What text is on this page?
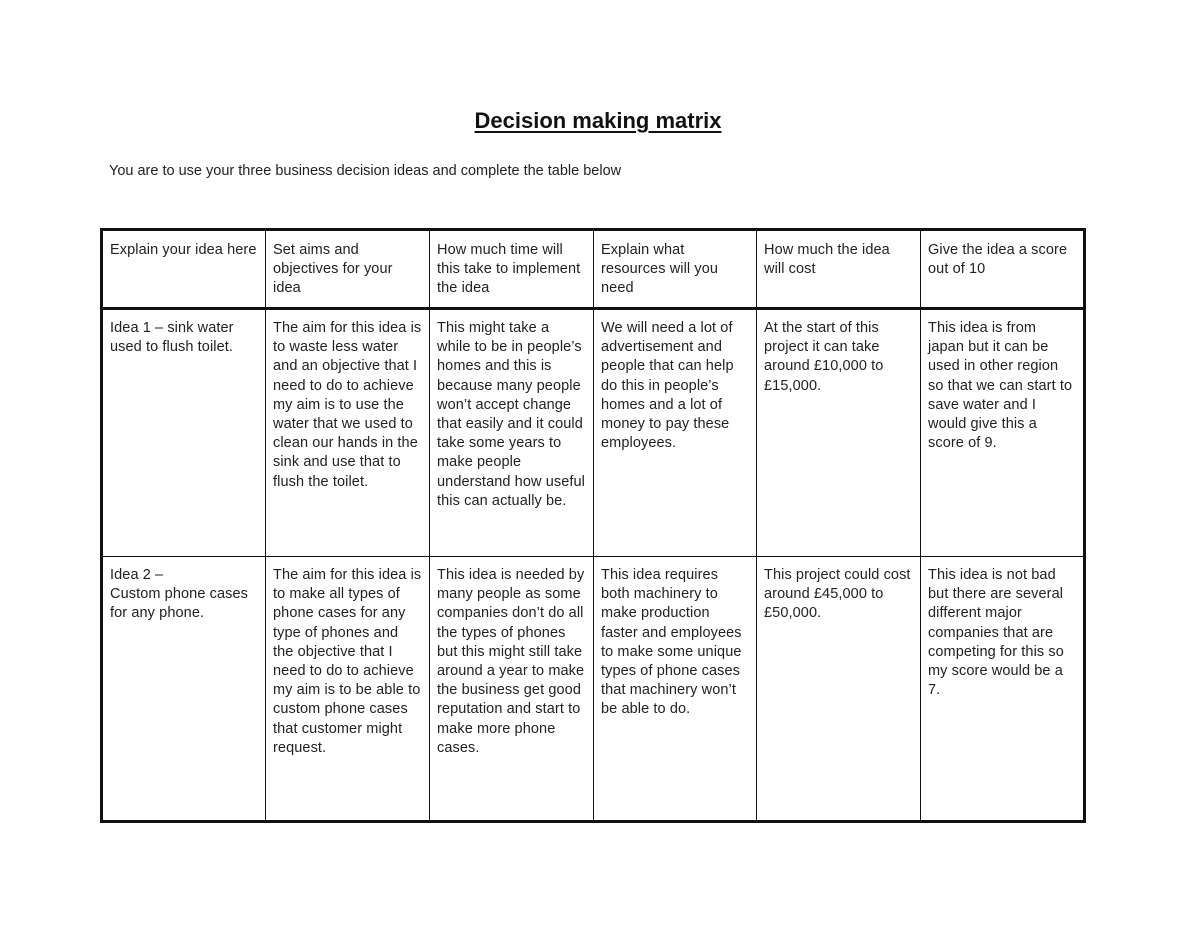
Decision making matrix

You are to use your three business decision ideas and complete the table below

Explain your idea here	Set aims and objectives for your idea	How much time will this take to implement the idea	Explain what resources will you need	How much the idea will cost	Give the idea a score out of 10
Idea 1 – sink water used to flush toilet.	The aim for this idea is to waste less water and an objective that I need to do to achieve my aim is to use the water that we used to clean our hands in the sink and use that to flush the toilet.	This might take a while to be in people’s homes and this is because many people won’t accept change that easily and it could take some years to make people understand how useful this can actually be.	We will need a lot of advertisement and people that can help do this in people’s homes and a lot of money to pay these employees.	At the start of this project it can take around £10,000 to £15,000.	This idea is from japan but it can be used in other region so that we can start to save water and I would give this a score of 9.

Idea 2 –
Custom phone cases for any phone.	The aim for this idea is to make all types of phone cases for any type of phones and the objective that I need to do to achieve my aim is to be able to custom phone cases that customer might request.	This idea is needed by many people as some companies don’t do all the types of phones but this might still take around a year to make the business get good reputation and start to make more phone cases.	This idea requires both machinery to make production faster and employees to make some unique types of phone cases that machinery won’t be able to do.	This project could cost around £45,000 to £50,000.	This idea is not bad but there are several different major companies that are competing for this so my score would be a 7.
